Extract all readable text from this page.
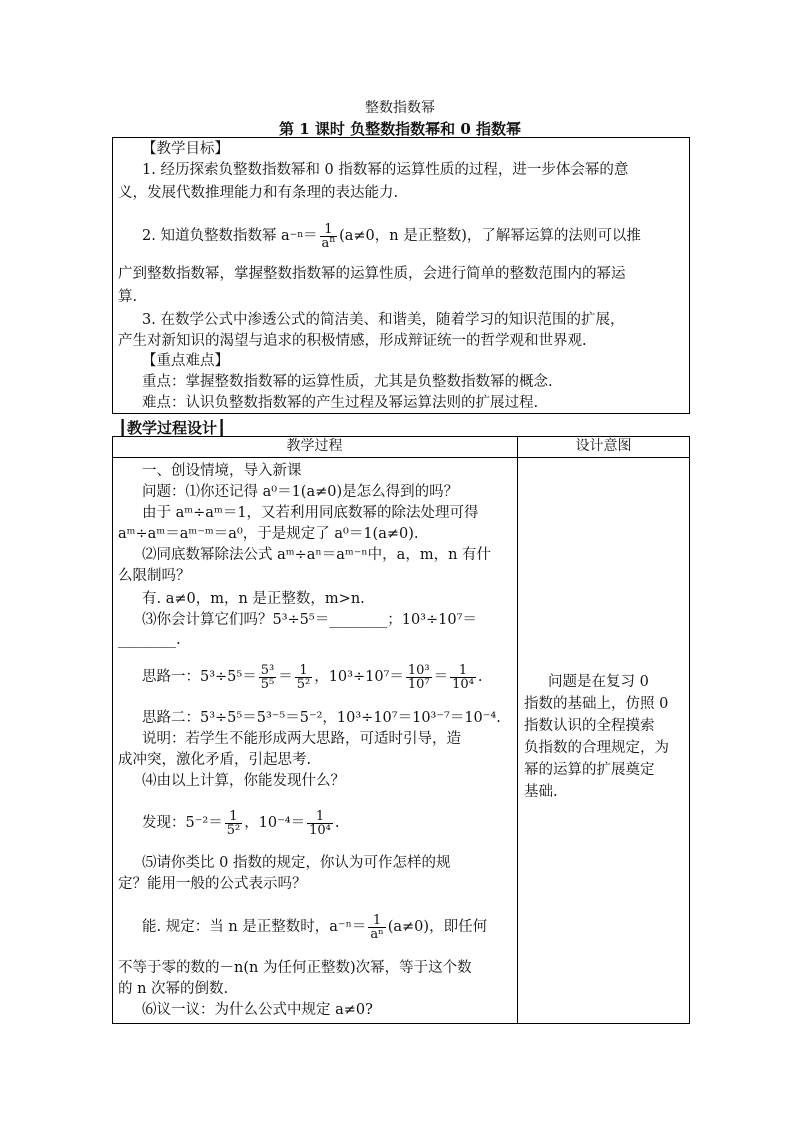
整数指数幂
第 1 课时 负整数指数幂和 0 指数幂
【教学目标】
1. 经历探索负整数指数幂和 0 指数幂的运算性质的过程，进一步体会幂的意
义，发展代数推理能力和有条理的表达能力.
2. 知道负整数指数幂 $a^{-n}= \frac{1}{a^n} (a\ne 0$，n 是正整数)，了解幂运算的法则可以推
广到整数指数幂，掌握整数指数幂的运算性质，会进行简单的整数范围内的幂运
算.
3. 在数学公式中渗透公式的简洁美、和谐美，随着学习的知识范围的扩展，
产生对新知识的渴望与追求的积极情感，形成辩证统一的哲学观和世界观.
【重点难点】
重点：掌握整数指数幂的运算性质，尤其是负整数指数幂的概念.
难点：认识负整数指数幂的产生过程及幂运算法则的扩展过程.
┃教学过程设计┃
教学过程	设计意图
一、创设情境，导入新课
问题：⑴你还记得 a⁰＝1(a≠0)是怎么得到的吗？
由于 aᵐ÷aᵐ＝1，又若利用同底数幂的除法处理可得
aᵐ÷aᵐ＝aᵐ⁻ᵐ＝a⁰，于是规定了 a⁰＝1(a≠0).
⑵同底数幂除法公式 aᵐ÷aⁿ＝aᵐ⁻ⁿ中，a，m，n 有什
么限制吗？
有. a≠0，m，n 是正整数，m>n.
⑶你会计算它们吗？5³÷5⁵＝________；10³÷10⁷＝
________.
思路一：$5^3\div 5^5= \frac{\text{5³}}{\text{5⁵}} = \frac{1}{\text{5²}}$ ，$10^3\div 10^7= \frac{\text{10³}}{\text{10⁷}} = \frac{1}{\text{10⁴}}$ .
思路二：5³÷5⁵＝5³⁻⁵＝5⁻²，10³÷10⁷＝10³⁻⁷＝10⁻⁴.
说明：若学生不能形成两大思路，可适时引导，造
成冲突，激化矛盾，引起思考.
⑷由以上计算，你能发现什么？
发现：$5^{-2}= \frac{1}{\text{5²}}$ ，$10^{-4}= \frac{1}{\text{10⁴}}$ .
⑸请你类比 0 指数的规定，你认为可作怎样的规
定？能用一般的公式表示吗？
能. 规定：当 n 是正整数时，$a^{-n}= \frac{1}{\text{aⁿ}} (a\ne 0)$，即任何
不等于零的数的－n(n 为任何正整数)次幂，等于这个数
的 n 次幂的倒数.
⑹议一议：为什么公式中规定 a≠0?
问题是在复习 0
指数的基础上，仿照 0
指数认识的全程摸索
负指数的合理规定，为
幂的运算的扩展奠定
基础.
